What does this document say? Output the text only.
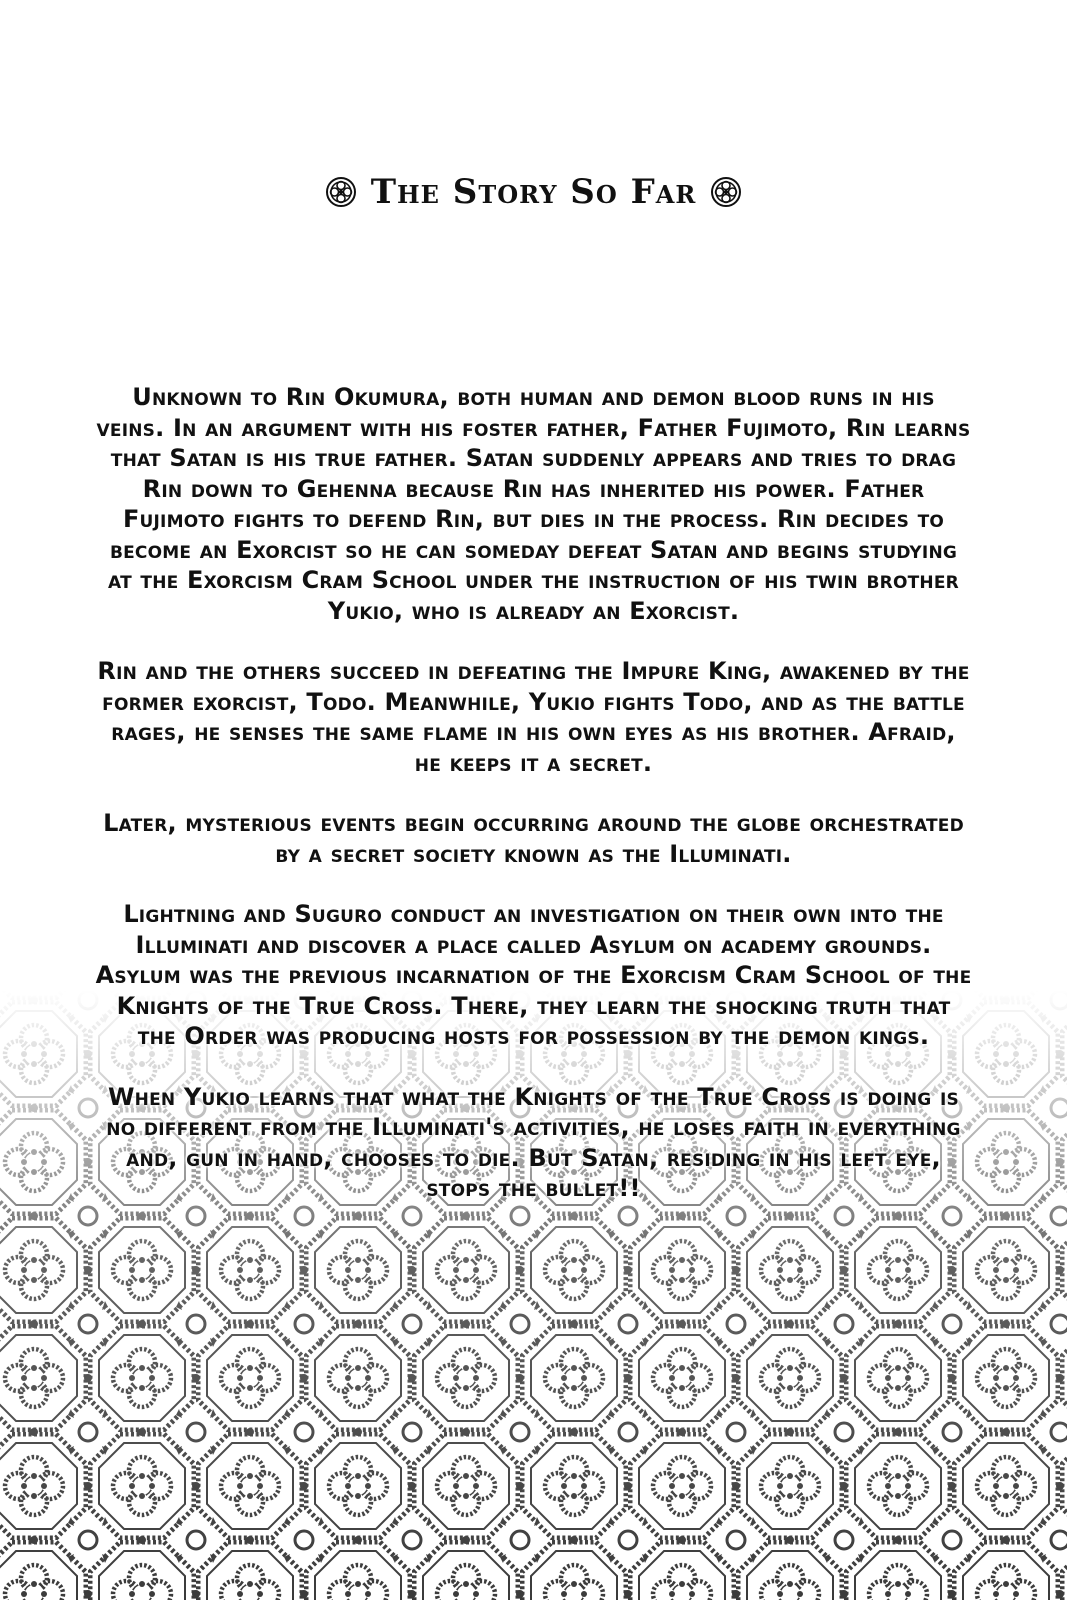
The Story So Far

Unknown to Rin Okumura, both human and demon blood runs in his veins. In an argument with his foster father, Father Fujimoto, Rin learns that Satan is his true father. Satan suddenly appears and tries to drag Rin down to Gehenna because Rin has inherited his power. Father Fujimoto fights to defend Rin, but dies in the process. Rin decides to become an Exorcist so he can someday defeat Satan and begins studying at the Exorcism Cram School under the instruction of his twin brother Yukio, who is already an Exorcist.

Rin and the others succeed in defeating the Impure King, awakened by the former exorcist, Todo. Meanwhile, Yukio fights Todo, and as the battle rages, he senses the same flame in his own eyes as his brother. Afraid, he keeps it a secret.

Later, mysterious events begin occurring around the globe orchestrated by a secret society known as the Illuminati.

Lightning and Suguro conduct an investigation on their own into the Illuminati and discover a place called Asylum on academy grounds. Asylum was the previous incarnation of the Exorcism Cram School of the Knights of the True Cross. There, they learn the shocking truth that the Order was producing hosts for possession by the demon kings.

When Yukio learns that what the Knights of the True Cross is doing is no different from the Illuminati's activities, he loses faith in everything and, gun in hand, chooses to die. But Satan, residing in his left eye, stops the bullet!!
